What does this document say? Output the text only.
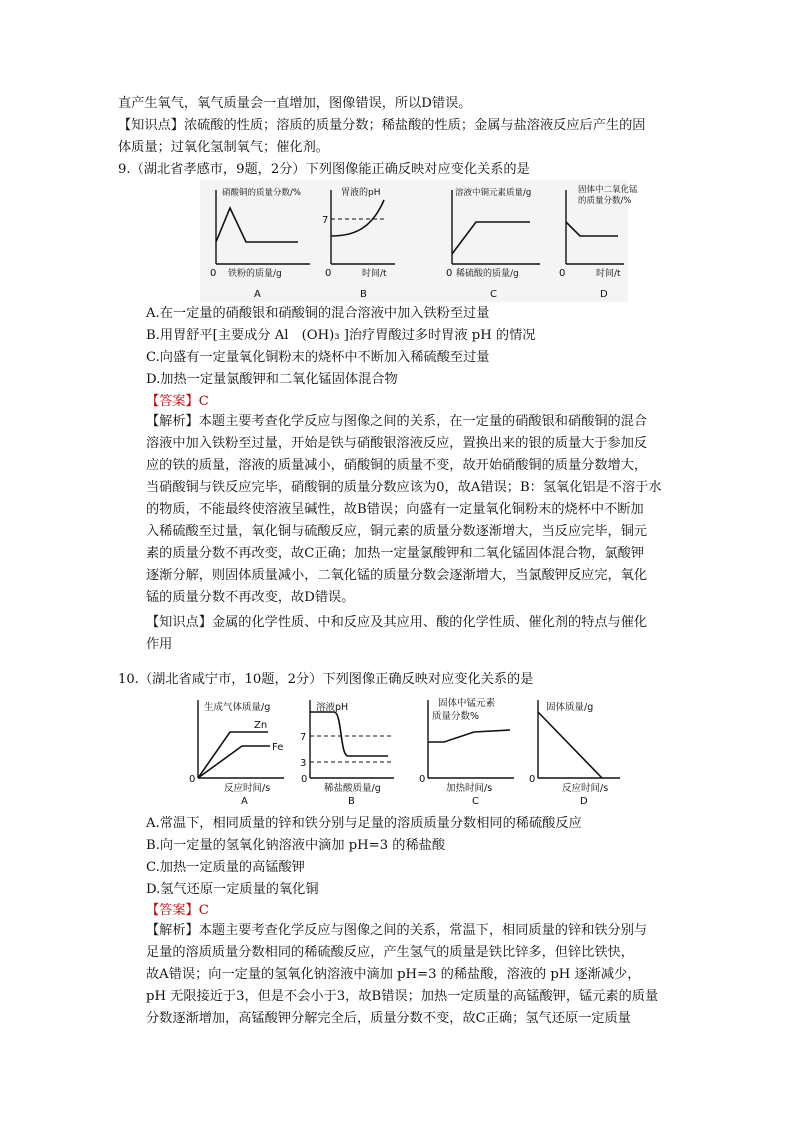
直产生氧气，氧气质量会一直增加，图像错误，所以D错误。
【知识点】浓硫酸的性质；溶质的质量分数；稀盐酸的性质；金属与盐溶液反应后产生的固
体质量；过氧化氢制氧气；催化剂。
9.（湖北省孝感市，9题，2分）下列图像能正确反映对应变化关系的是
硝酸铜的质量分数/%
铁粉的质量/g
0
A
胃液的pH
7
时间/t
0
B
溶液中铜元素质量/g
稀硫酸的质量/g
0
C
固体中二氧化锰
的质量分数/%
时间/t
0
D
A.在一定量的硝酸银和硝酸铜的混合溶液中加入铁粉至过量
B.用胃舒平[主要成分 Al　(OH)₃ ]治疗胃酸过多时胃液 pH 的情况
C.向盛有一定量氧化铜粉末的烧杯中不断加入稀硫酸至过量
D.加热一定量氯酸钾和二氧化锰固体混合物
【答案】C
【解析】本题主要考查化学反应与图像之间的关系，在一定量的硝酸银和硝酸铜的混合
溶液中加入铁粉至过量，开始是铁与硝酸银溶液反应，置换出来的银的质量大于参加反
应的铁的质量，溶液的质量减小，硝酸铜的质量不变，故开始硝酸铜的质量分数增大，
当硝酸铜与铁反应完毕，硝酸铜的质量分数应该为0，故A错误；B：氢氧化铝是不溶于水
的物质，不能最终使溶液呈碱性，故B错误；向盛有一定量氧化铜粉末的烧杯中不断加
入稀硫酸至过量，氧化铜与硫酸反应，铜元素的质量分数逐渐增大，当反应完毕，铜元
素的质量分数不再改变，故C正确；加热一定量氯酸钾和二氧化锰固体混合物，氯酸钾
逐渐分解，则固体质量减小，二氧化锰的质量分数会逐渐增大，当氯酸钾反应完，氧化
锰的质量分数不再改变，故D错误。
【知识点】金属的化学性质、中和反应及其应用、酸的化学性质、催化剂的特点与催化
作用
10.（湖北省咸宁市，10题，2分）下列图像正确反映对应变化关系的是
生成气体质量/g
Zn
Fe
反应时间/s
0
A
溶液pH
7
3
稀盐酸质量/g
0
B
固体中锰元素
质量分数%
加热时间/s
0
C
固体质量/g
反应时间/s
0
D
A.常温下，相同质量的锌和铁分别与足量的溶质质量分数相同的稀硫酸反应
B.向一定量的氢氧化钠溶液中滴加 pH=3 的稀盐酸
C.加热一定质量的高锰酸钾
D.氢气还原一定质量的氧化铜
【答案】C
【解析】本题主要考查化学反应与图像之间的关系，常温下，相同质量的锌和铁分别与
足量的溶质质量分数相同的稀硫酸反应，产生氢气的质量是铁比锌多，但锌比铁快，
故A错误；向一定量的氢氧化钠溶液中滴加 pH=3 的稀盐酸，溶液的 pH 逐渐减少，
pH 无限接近于3，但是不会小于3，故B错误；加热一定质量的高锰酸钾，锰元素的质量
分数逐渐增加，高锰酸钾分解完全后，质量分数不变，故C正确；氢气还原一定质量
